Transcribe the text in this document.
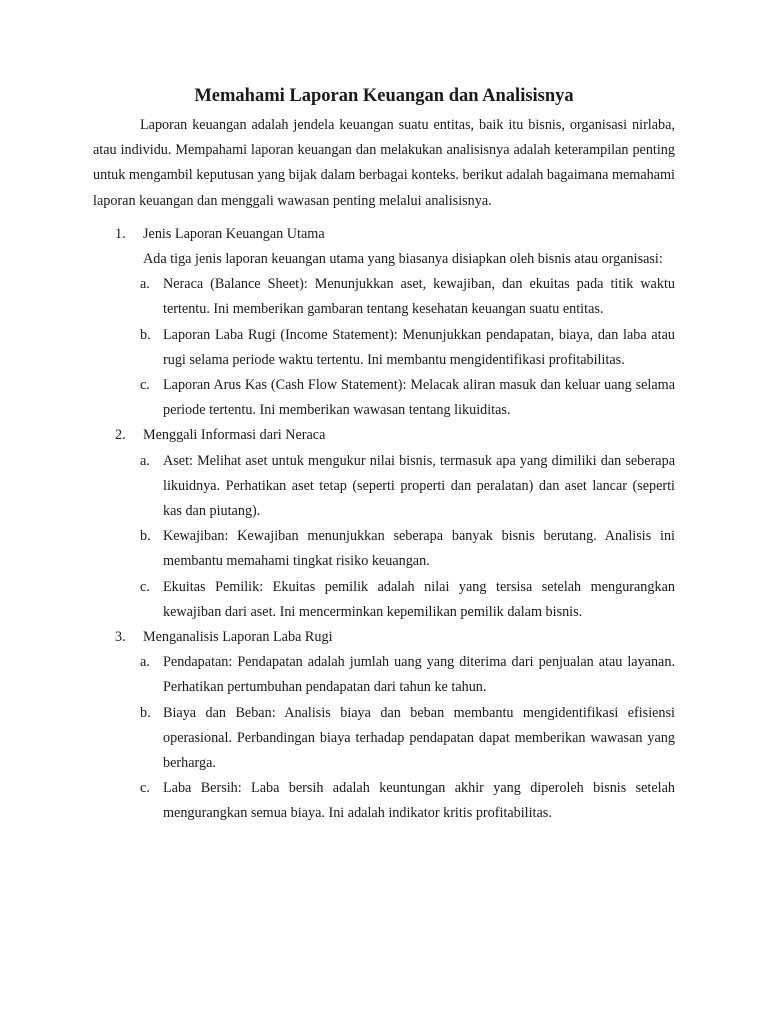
Memahami Laporan Keuangan dan Analisisnya

Laporan keuangan adalah jendela keuangan suatu entitas, baik itu bisnis, organisasi nirlaba, atau individu. Mempahami laporan keuangan dan melakukan analisisnya adalah keterampilan penting untuk mengambil keputusan yang bijak dalam berbagai konteks. berikut adalah bagaimana memahami laporan keuangan dan menggali wawasan penting melalui analisisnya.

1. Jenis Laporan Keuangan Utama

Ada tiga jenis laporan keuangan utama yang biasanya disiapkan oleh bisnis atau organisasi:

a. Neraca (Balance Sheet): Menunjukkan aset, kewajiban, dan ekuitas pada titik waktu tertentu. Ini memberikan gambaran tentang kesehatan keuangan suatu entitas.
b. Laporan Laba Rugi (Income Statement): Menunjukkan pendapatan, biaya, dan laba atau rugi selama periode waktu tertentu. Ini membantu mengidentifikasi profitabilitas.
c. Laporan Arus Kas (Cash Flow Statement): Melacak aliran masuk dan keluar uang selama periode tertentu. Ini memberikan wawasan tentang likuiditas.
2. Menggali Informasi dari Neraca
a. Aset: Melihat aset untuk mengukur nilai bisnis, termasuk apa yang dimiliki dan seberapa likuidnya. Perhatikan aset tetap (seperti properti dan peralatan) dan aset lancar (seperti kas dan piutang).
b. Kewajiban: Kewajiban menunjukkan seberapa banyak bisnis berutang. Analisis ini membantu memahami tingkat risiko keuangan.
c. Ekuitas Pemilik: Ekuitas pemilik adalah nilai yang tersisa setelah mengurangkan kewajiban dari aset. Ini mencerminkan kepemilikan pemilik dalam bisnis.
3. Menganalisis Laporan Laba Rugi
a. Pendapatan: Pendapatan adalah jumlah uang yang diterima dari penjualan atau layanan. Perhatikan pertumbuhan pendapatan dari tahun ke tahun.
b. Biaya dan Beban: Analisis biaya dan beban membantu mengidentifikasi efisiensi operasional. Perbandingan biaya terhadap pendapatan dapat memberikan wawasan yang berharga.
c. Laba Bersih: Laba bersih adalah keuntungan akhir yang diperoleh bisnis setelah mengurangkan semua biaya. Ini adalah indikator kritis profitabilitas.
